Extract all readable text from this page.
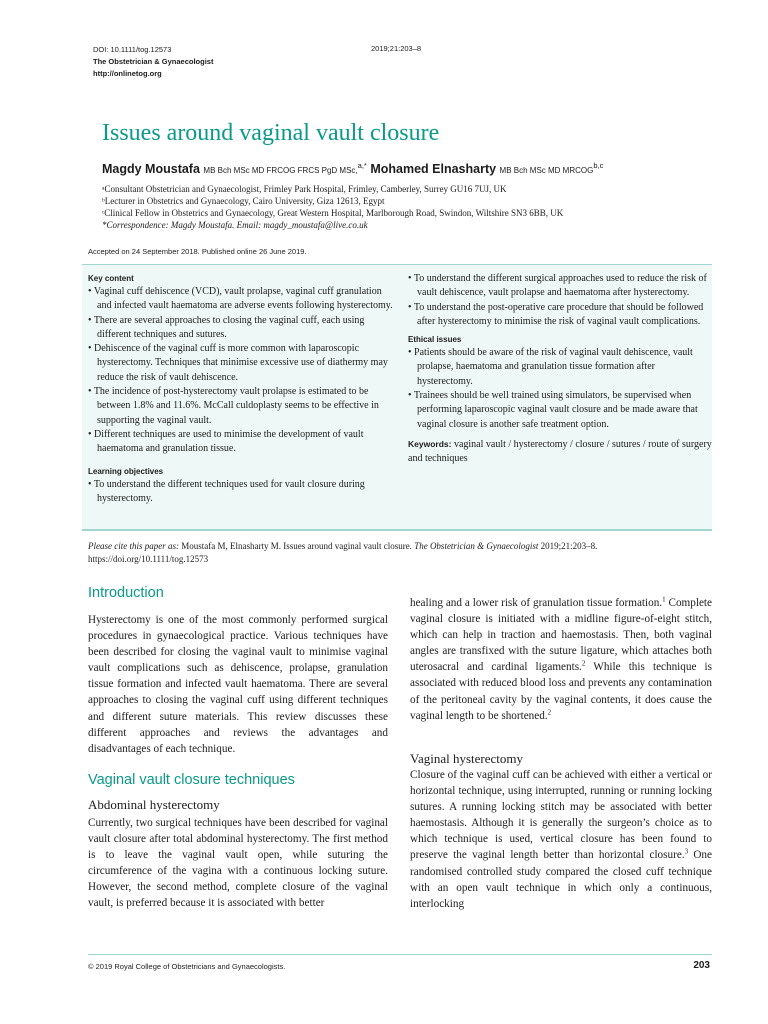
DOI: 10.1111/tog.12573
The Obstetrician & Gynaecologist
http://onlinetog.org
2019;21:203–8	Review
Issues around vaginal vault closure
Magdy Moustafa MB Bch MSc MD FRCOG FRCS PgD MSc,$^{a,*}$ Mohamed Elnasharty MB Bch MSc MD MRCOG$^{b,c}$
ᵃConsultant Obstetrician and Gynaecologist, Frimley Park Hospital, Frimley, Camberley, Surrey GU16 7UJ, UK
ᵇLecturer in Obstetrics and Gynaecology, Cairo University, Giza 12613, Egypt
ᶜClinical Fellow in Obstetrics and Gynaecology, Great Western Hospital, Marlborough Road, Swindon, Wiltshire SN3 6BB, UK
*Correspondence: Magdy Moustafa. Email: magdy_moustafa@live.co.uk
Accepted on 24 September 2018. Published online 26 June 2019.
Key content
• Vaginal cuff dehiscence (VCD), vault prolapse, vaginal cuff granulation and infected vault haematoma are adverse events following hysterectomy.
• There are several approaches to closing the vaginal cuff, each using different techniques and sutures.
• Dehiscence of the vaginal cuff is more common with laparoscopic hysterectomy. Techniques that minimise excessive use of diathermy may reduce the risk of vault dehiscence.
• The incidence of post-hysterectomy vault prolapse is estimated to be between 1.8% and 11.6%. McCall culdoplasty seems to be effective in supporting the vaginal vault.
• Different techniques are used to minimise the development of vault haematoma and granulation tissue.
Learning objectives
• To understand the different techniques used for vault closure during hysterectomy.
• To understand the different surgical approaches used to reduce the risk of vault dehiscence, vault prolapse and haematoma after hysterectomy.
• To understand the post-operative care procedure that should be followed after hysterectomy to minimise the risk of vaginal vault complications.
Ethical issues
• Patients should be aware of the risk of vaginal vault dehiscence, vault prolapse, haematoma and granulation tissue formation after hysterectomy.
• Trainees should be well trained using simulators, be supervised when performing laparoscopic vaginal vault closure and be made aware that vaginal closure is another safe treatment option.
Keywords: vaginal vault / hysterectomy / closure / sutures / route of surgery and techniques
Please cite this paper as: Moustafa M, Elnasharty M. Issues around vaginal vault closure. The Obstetrician & Gynaecologist 2019;21:203–8.
https://doi.org/10.1111/tog.12573
Introduction
Hysterectomy is one of the most commonly performed surgical procedures in gynaecological practice. Various techniques have been described for closing the vaginal vault to minimise vaginal vault complications such as dehiscence, prolapse, granulation tissue formation and infected vault haematoma. There are several approaches to closing the vaginal cuff using different techniques and different suture materials. This review discusses these different approaches and reviews the advantages and disadvantages of each technique.
Vaginal vault closure techniques
Abdominal hysterectomy
Currently, two surgical techniques have been described for vaginal vault closure after total abdominal hysterectomy. The first method is to leave the vaginal vault open, while suturing the circumference of the vagina with a continuous locking suture. However, the second method, complete closure of the vaginal vault, is preferred because it is associated with better
healing and a lower risk of granulation tissue formation.$^1$ Complete vaginal closure is initiated with a midline figure-of-eight stitch, which can help in traction and haemostasis. Then, both vaginal angles are transfixed with the suture ligature, which attaches both uterosacral and cardinal ligaments.$^2$ While this technique is associated with reduced blood loss and prevents any contamination of the peritoneal cavity by the vaginal contents, it does cause the vaginal length to be shortened.$^2$
Vaginal hysterectomy
Closure of the vaginal cuff can be achieved with either a vertical or horizontal technique, using interrupted, running or running locking sutures. A running locking stitch may be associated with better haemostasis. Although it is generally the surgeon’s choice as to which technique is used, vertical closure has been found to preserve the vaginal length better than horizontal closure.$^3$ One randomised controlled study compared the closed cuff technique with an open vault technique in which only a continuous, interlocking
© 2019 Royal College of Obstetricians and Gynaecologists.	203
